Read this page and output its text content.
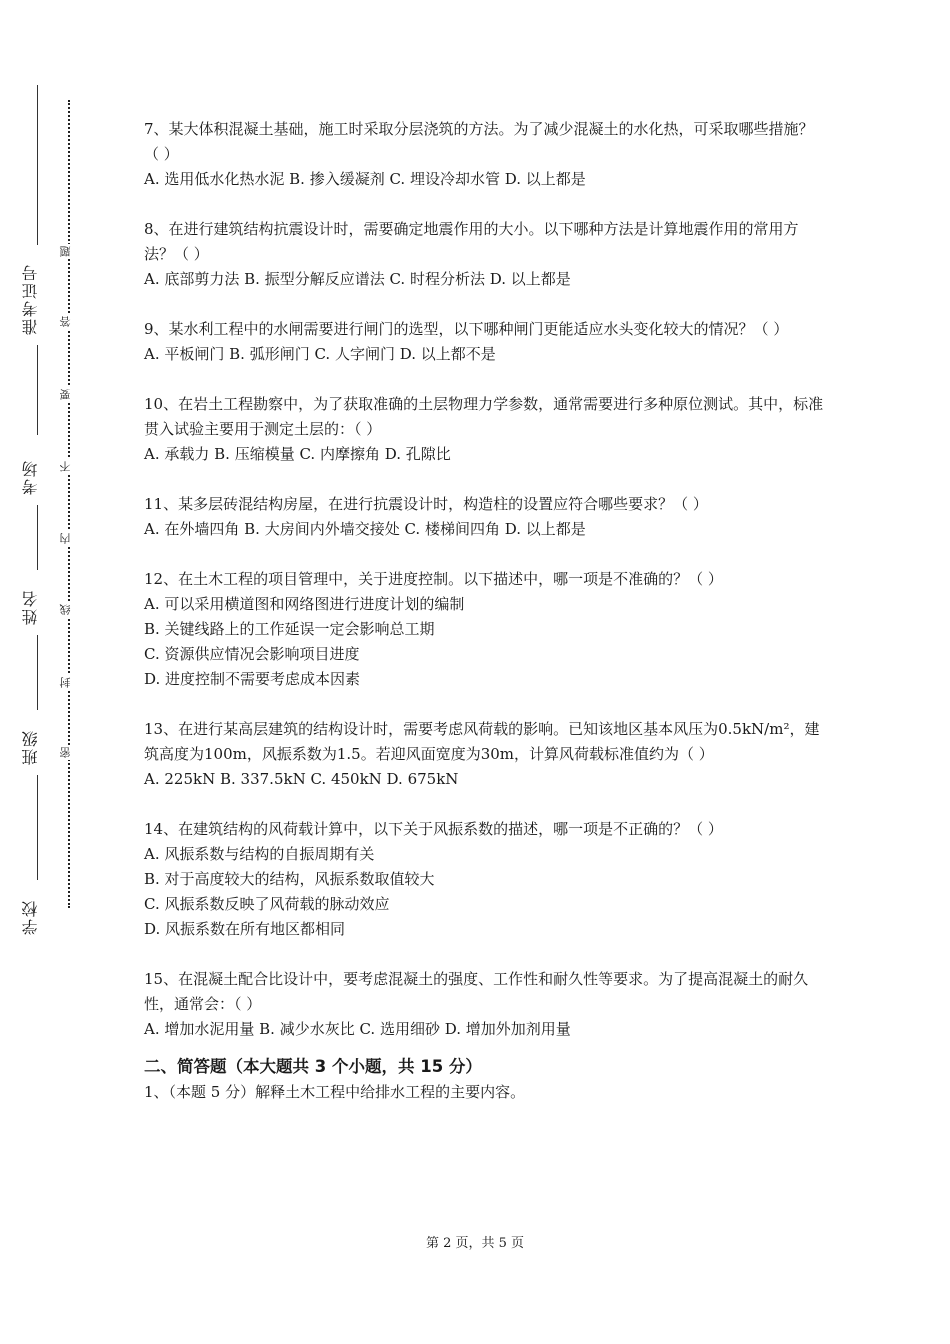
准考证号
考场
姓名
班级
学校
题
答
要
不
内
线
封
密

7、某大体积混凝土基础，施工时采取分层浇筑的方法。为了减少混凝土的水化热，可采取哪些措施？（ ）

A. 选用低水化热水泥 B. 掺入缓凝剂 C. 埋设冷却水管 D. 以上都是

8、在进行建筑结构抗震设计时，需要确定地震作用的大小。以下哪种方法是计算地震作用的常用方法？（ ）

A. 底部剪力法 B. 振型分解反应谱法 C. 时程分析法 D. 以上都是

9、某水利工程中的水闸需要进行闸门的选型，以下哪种闸门更能适应水头变化较大的情况？（ ）

A. 平板闸门 B. 弧形闸门 C. 人字闸门 D. 以上都不是

10、在岩土工程勘察中，为了获取准确的土层物理力学参数，通常需要进行多种原位测试。其中，标准贯入试验主要用于测定土层的：（ ）

A. 承载力 B. 压缩模量 C. 内摩擦角 D. 孔隙比

11、某多层砖混结构房屋，在进行抗震设计时，构造柱的设置应符合哪些要求？（ ）

A. 在外墙四角 B. 大房间内外墙交接处 C. 楼梯间四角 D. 以上都是

12、在土木工程的项目管理中，关于进度控制。以下描述中，哪一项是不准确的？（ ）

A. 可以采用横道图和网络图进行进度计划的编制

B. 关键线路上的工作延误一定会影响总工期

C. 资源供应情况会影响项目进度

D. 进度控制不需要考虑成本因素

13、在进行某高层建筑的结构设计时，需要考虑风荷载的影响。已知该地区基本风压为0.5kN/m²，建筑高度为100m，风振系数为1.5。若迎风面宽度为30m，计算风荷载标准值约为（ ）

A. 225kN B. 337.5kN C. 450kN D. 675kN

14、在建筑结构的风荷载计算中，以下关于风振系数的描述，哪一项是不正确的？（ ）

A. 风振系数与结构的自振周期有关

B. 对于高度较大的结构，风振系数取值较大

C. 风振系数反映了风荷载的脉动效应

D. 风振系数在所有地区都相同

15、在混凝土配合比设计中，要考虑混凝土的强度、工作性和耐久性等要求。为了提高混凝土的耐久性，通常会：（ ）

A. 增加水泥用量 B. 减少水灰比 C. 选用细砂 D. 增加外加剂用量

二、简答题（本大题共 3 个小题，共 15 分）

1、（本题 5 分）解释土木工程中给排水工程的主要内容。

第 2 页，共 5 页
